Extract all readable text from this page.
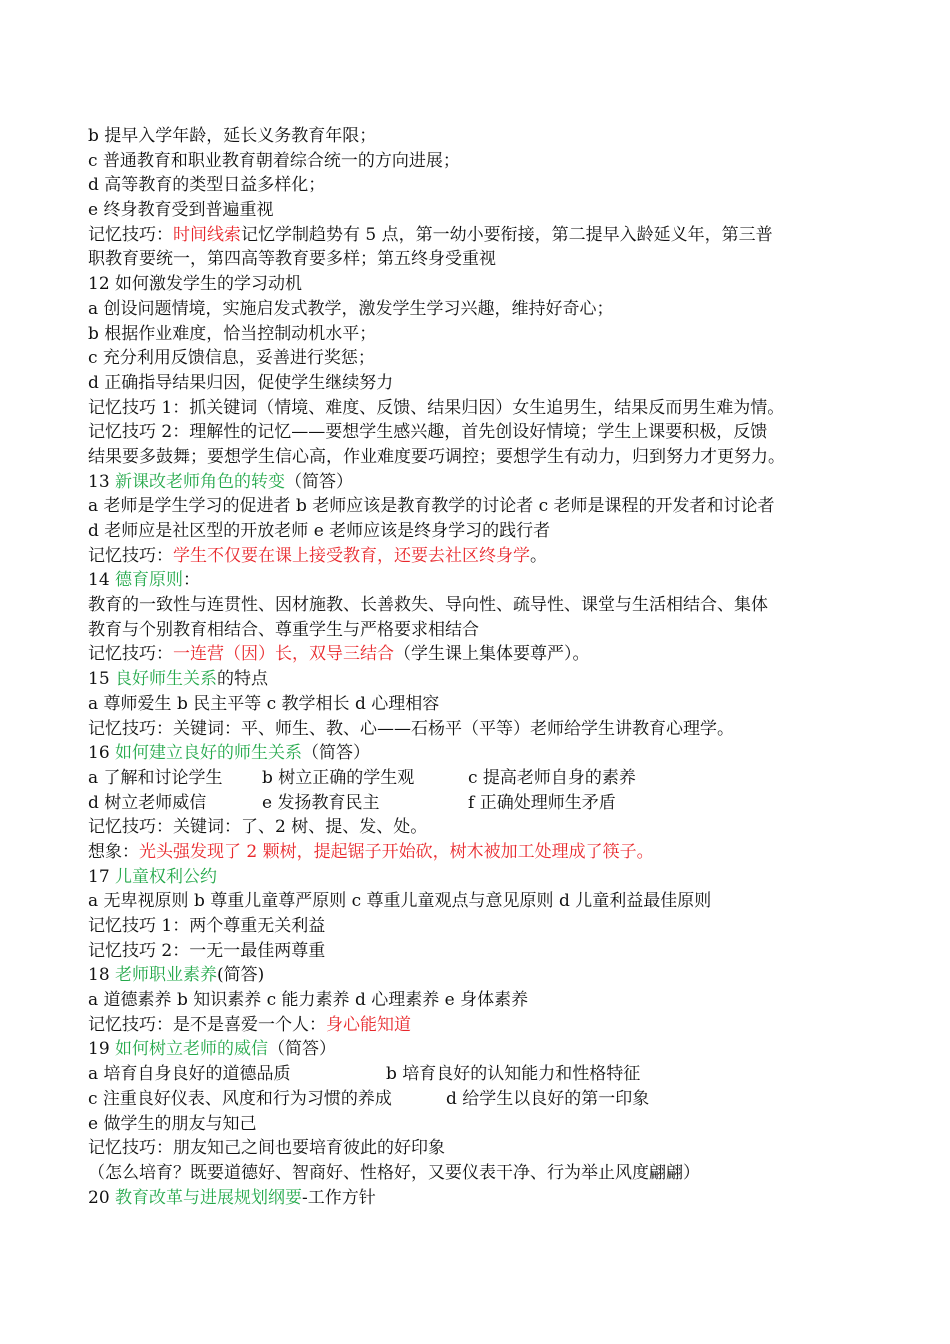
b 提早入学年龄，延长义务教育年限；
c 普通教育和职业教育朝着综合统一的方向进展；
d 高等教育的类型日益多样化；
e 终身教育受到普遍重视
记忆技巧：时间线索记忆学制趋势有 5 点，第一幼小要衔接，第二提早入龄延义年，第三普
职教育要统一，第四高等教育要多样；第五终身受重视
12 如何激发学生的学习动机
a 创设问题情境，实施启发式教学，激发学生学习兴趣，维持好奇心；
b 根据作业难度，恰当控制动机水平；
c 充分利用反馈信息，妥善进行奖惩；
d 正确指导结果归因，促使学生继续努力
记忆技巧 1：抓关键词（情境、难度、反馈、结果归因）女生追男生，结果反而男生难为情。
记忆技巧 2：理解性的记忆——要想学生感兴趣，首先创设好情境；学生上课要积极，反馈
结果要多鼓舞；要想学生信心高，作业难度要巧调控；要想学生有动力，归到努力才更努力。
13 新课改老师角色的转变（简答）
a 老师是学生学习的促进者 b 老师应该是教育教学的讨论者 c 老师是课程的开发者和讨论者
d 老师应是社区型的开放老师 e 老师应该是终身学习的践行者
记忆技巧：学生不仅要在课上接受教育，还要去社区终身学。
14 德育原则：
教育的一致性与连贯性、因材施教、长善救失、导向性、疏导性、课堂与生活相结合、集体
教育与个别教育相结合、尊重学生与严格要求相结合
记忆技巧：一连营（因）长，双导三结合（学生课上集体要尊严）。
15 良好师生关系的特点
a 尊师爱生 b 民主平等 c 教学相长 d 心理相容
记忆技巧：关键词：平、师生、教、心——石杨平（平等）老师给学生讲教育心理学。
16 如何建立良好的师生关系（简答）
a 了解和讨论学生 b 树立正确的学生观	c 提高老师自身的素养
d 树立老师威信	e 发扬教育民主	f 正确处理师生矛盾
记忆技巧：关键词：了、2 树、提、发、处。
想象：光头强发现了 2 颗树，提起锯子开始砍，树木被加工处理成了筷子。
17 儿童权利公约
a 无卑视原则 b 尊重儿童尊严原则 c 尊重儿童观点与意见原则 d 儿童利益最佳原则
记忆技巧 1：两个尊重无关利益
记忆技巧 2：一无一最佳两尊重
18 老师职业素养(简答)
a 道德素养 b 知识素养 c 能力素养 d 心理素养 e 身体素养
记忆技巧：是不是喜爱一个人：身心能知道
19 如何树立老师的威信（简答）
a 培育自身良好的道德品质	b 培育良好的认知能力和性格特征
c 注重良好仪表、风度和行为习惯的养成	d 给学生以良好的第一印象
e 做学生的朋友与知己
记忆技巧：朋友知己之间也要培育彼此的好印象
（怎么培育？既要道德好、智商好、性格好，又要仪表干净、行为举止风度翩翩）
20 教育改革与进展规划纲要-工作方针
